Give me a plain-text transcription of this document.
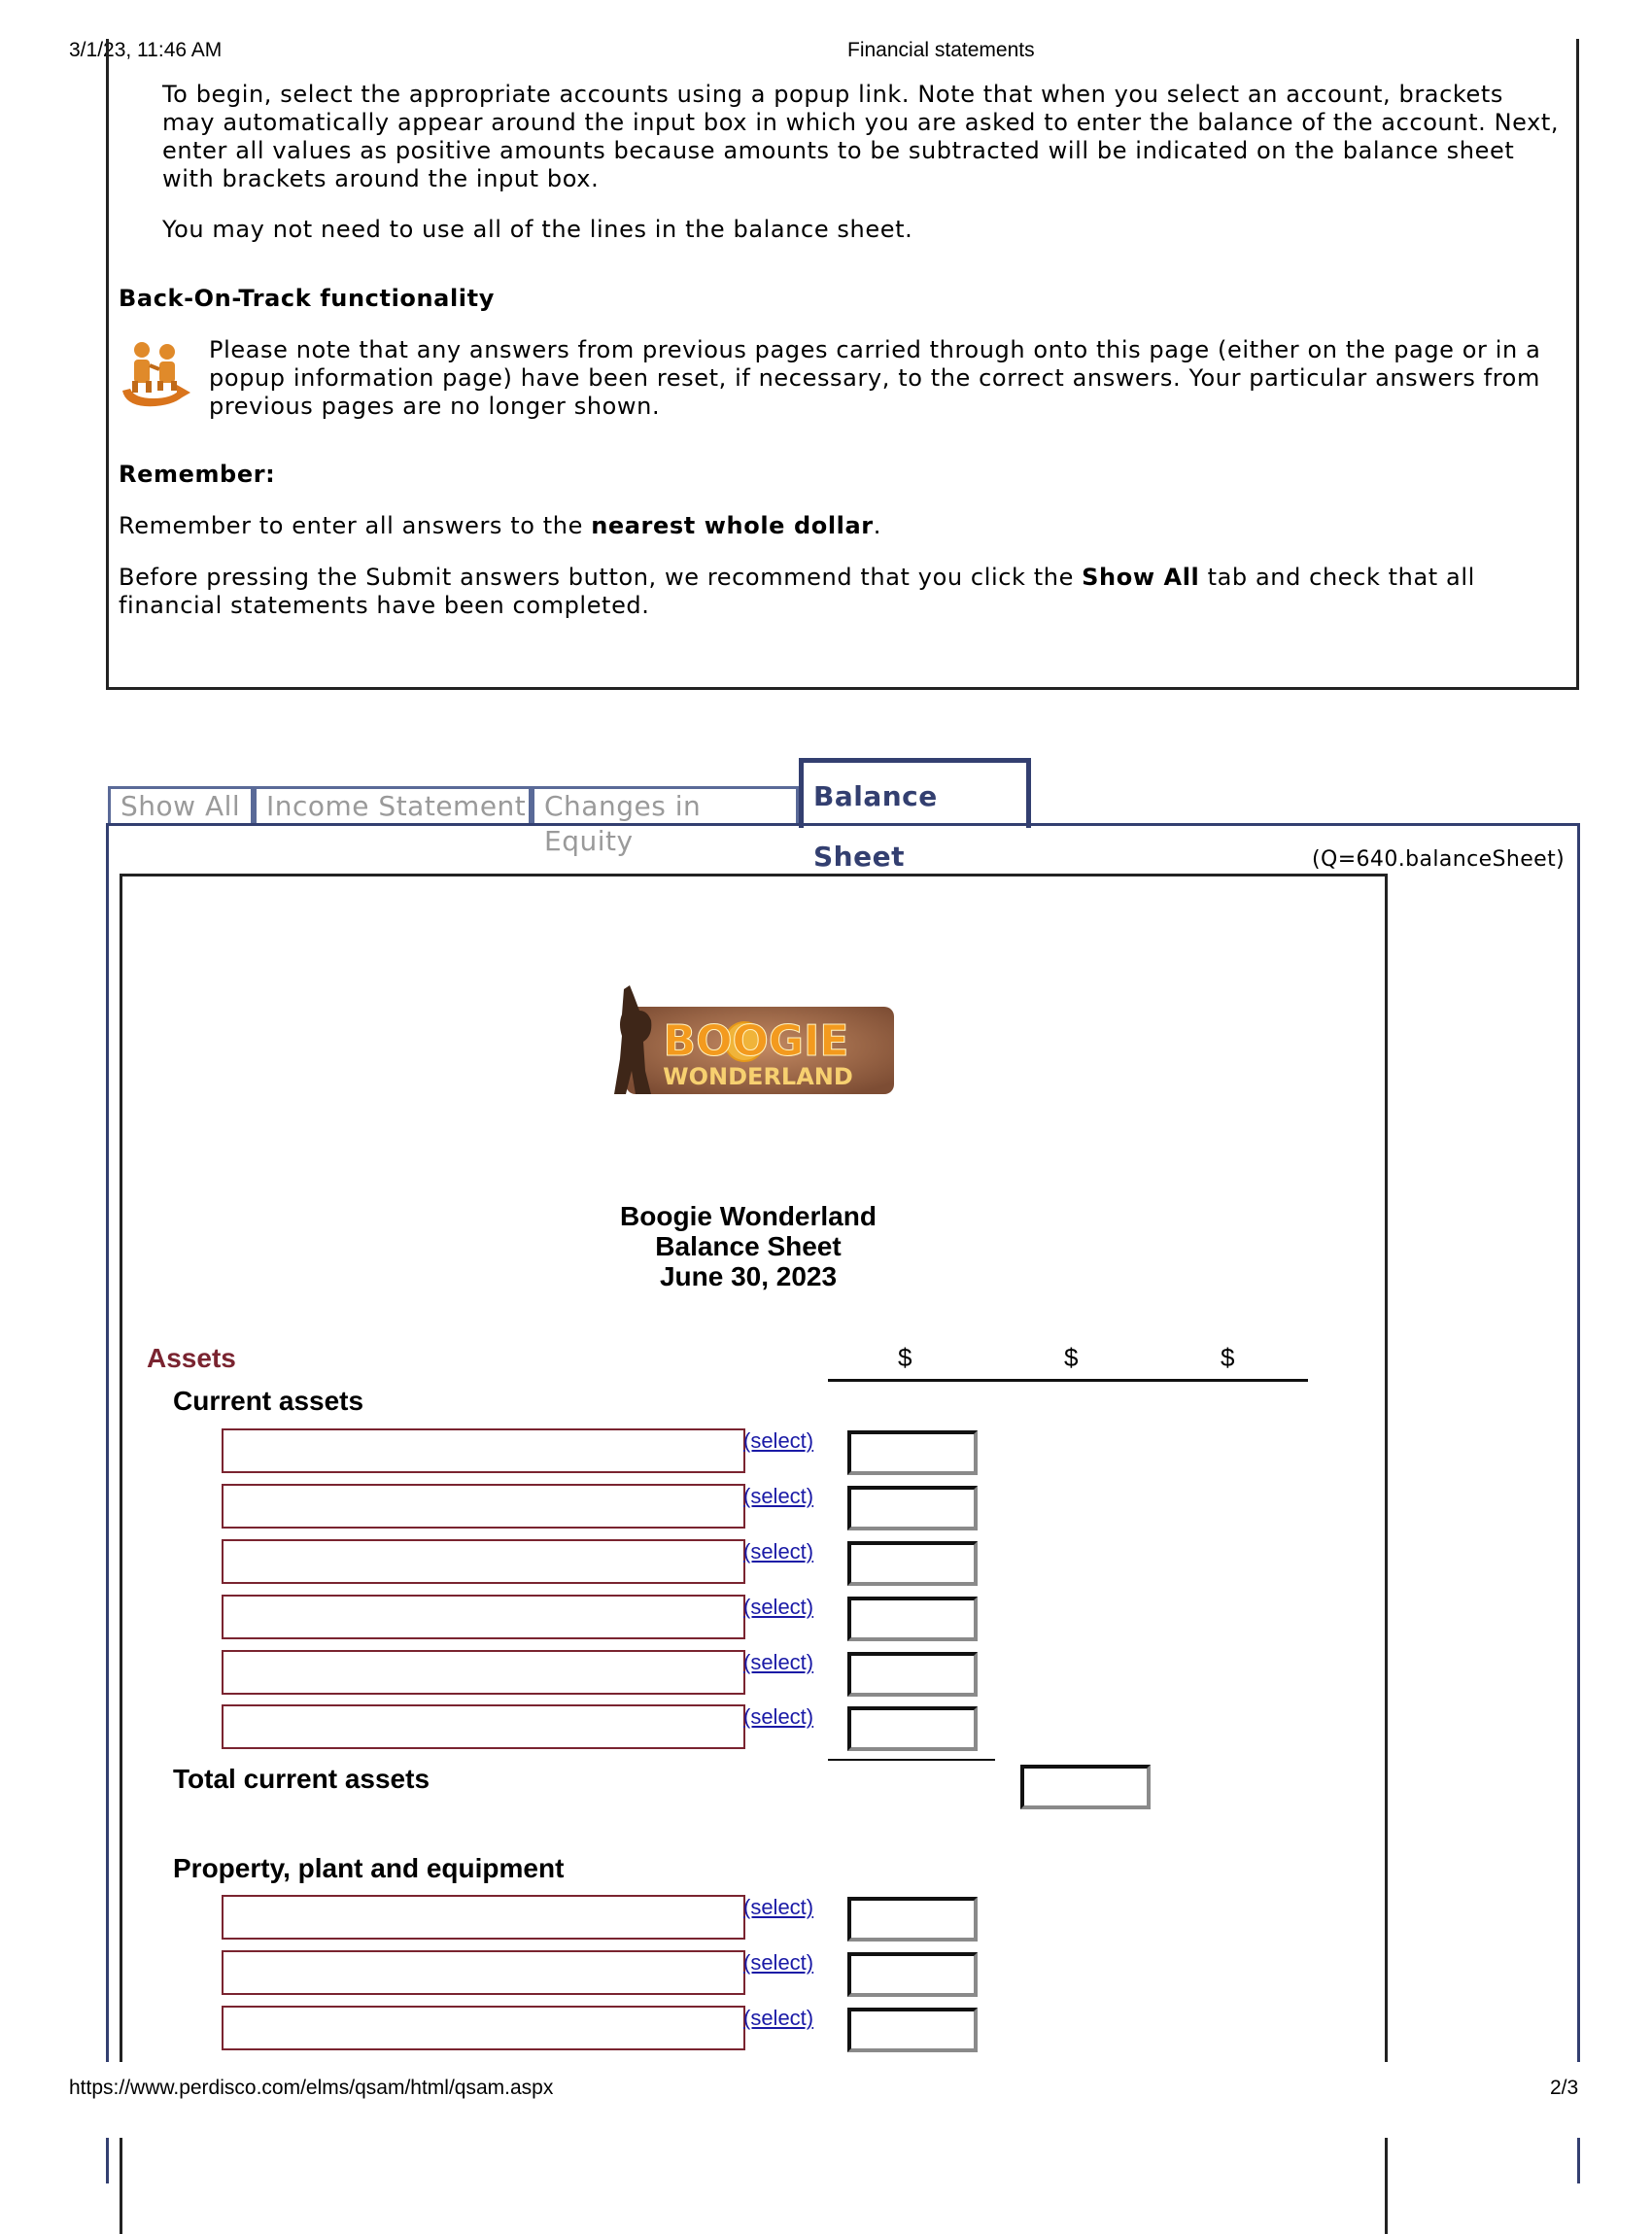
3/1/23, 11:46 AM	Financial statements

To begin, select the appropriate accounts using a popup link. Note that when you select an account, brackets may automatically appear around the input box in which you are asked to enter the balance of the account. Next, enter all values as positive amounts because amounts to be subtracted will be indicated on the balance sheet with brackets around the input box.

You may not need to use all of the lines in the balance sheet.

Back-On-Track functionality

Please note that any answers from previous pages carried through onto this page (either on the page or in a popup information page) have been reset, if necessary, to the correct answers. Your particular answers from previous pages are no longer shown.

Remember:

Remember to enter all answers to the nearest whole dollar.

Before pressing the Submit answers button, we recommend that you click the Show All tab and check that all financial statements have been completed.

Show All Income Statement Changes in Equity
Balance Sheet	(Q=640.balanceSheet)
BOOGIE
WONDERLAND
Boogie Wonderland
Balance Sheet
June 30, 2023
Assets	$	$	$
Current assets
(select)
(select)
(select)
(select)
(select)
(select)
Total current assets
Property, plant and equipment
(select)
(select)
(select)
https://www.perdisco.com/elms/qsam/html/qsam.aspx	2/3
